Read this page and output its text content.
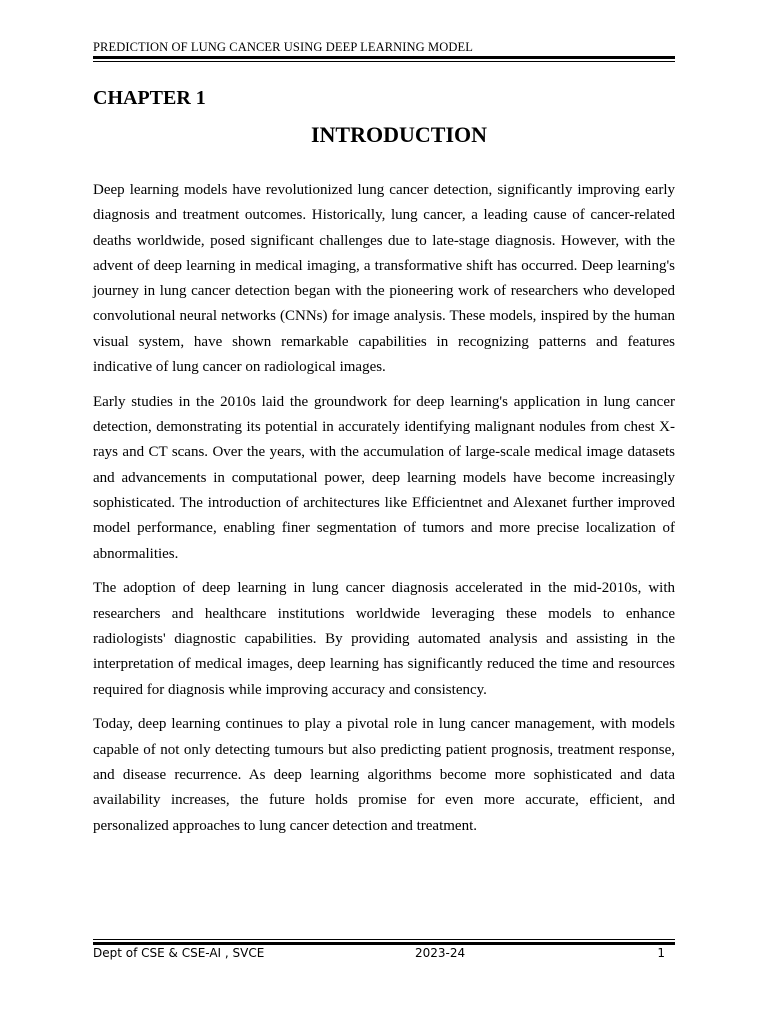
PREDICTION OF LUNG CANCER USING DEEP LEARNING MODEL
CHAPTER 1
INTRODUCTION

Deep learning models have revolutionized lung cancer detection, significantly improving early diagnosis and treatment outcomes. Historically, lung cancer, a leading cause of cancer-related deaths worldwide, posed significant challenges due to late-stage diagnosis. However, with the advent of deep learning in medical imaging, a transformative shift has occurred. Deep learning's journey in lung cancer detection began with the pioneering work of researchers who developed convolutional neural networks (CNNs) for image analysis. These models, inspired by the human visual system, have shown remarkable capabilities in recognizing patterns and features indicative of lung cancer on radiological images.

Early studies in the 2010s laid the groundwork for deep learning's application in lung cancer detection, demonstrating its potential in accurately identifying malignant nodules from chest X-rays and CT scans. Over the years, with the accumulation of large-scale medical image datasets and advancements in computational power, deep learning models have become increasingly sophisticated. The introduction of architectures like Efficientnet and Alexanet further improved model performance, enabling finer segmentation of tumors and more precise localization of abnormalities.

The adoption of deep learning in lung cancer diagnosis accelerated in the mid-2010s, with researchers and healthcare institutions worldwide leveraging these models to enhance radiologists' diagnostic capabilities. By providing automated analysis and assisting in the interpretation of medical images, deep learning has significantly reduced the time and resources required for diagnosis while improving accuracy and consistency.

Today, deep learning continues to play a pivotal role in lung cancer management, with models capable of not only detecting tumours but also predicting patient prognosis, treatment response, and disease recurrence. As deep learning algorithms become more sophisticated and data availability increases, the future holds promise for even more accurate, efficient, and personalized approaches to lung cancer detection and treatment.

Dept of CSE & CSE-AI , SVCE	2023-24	1
